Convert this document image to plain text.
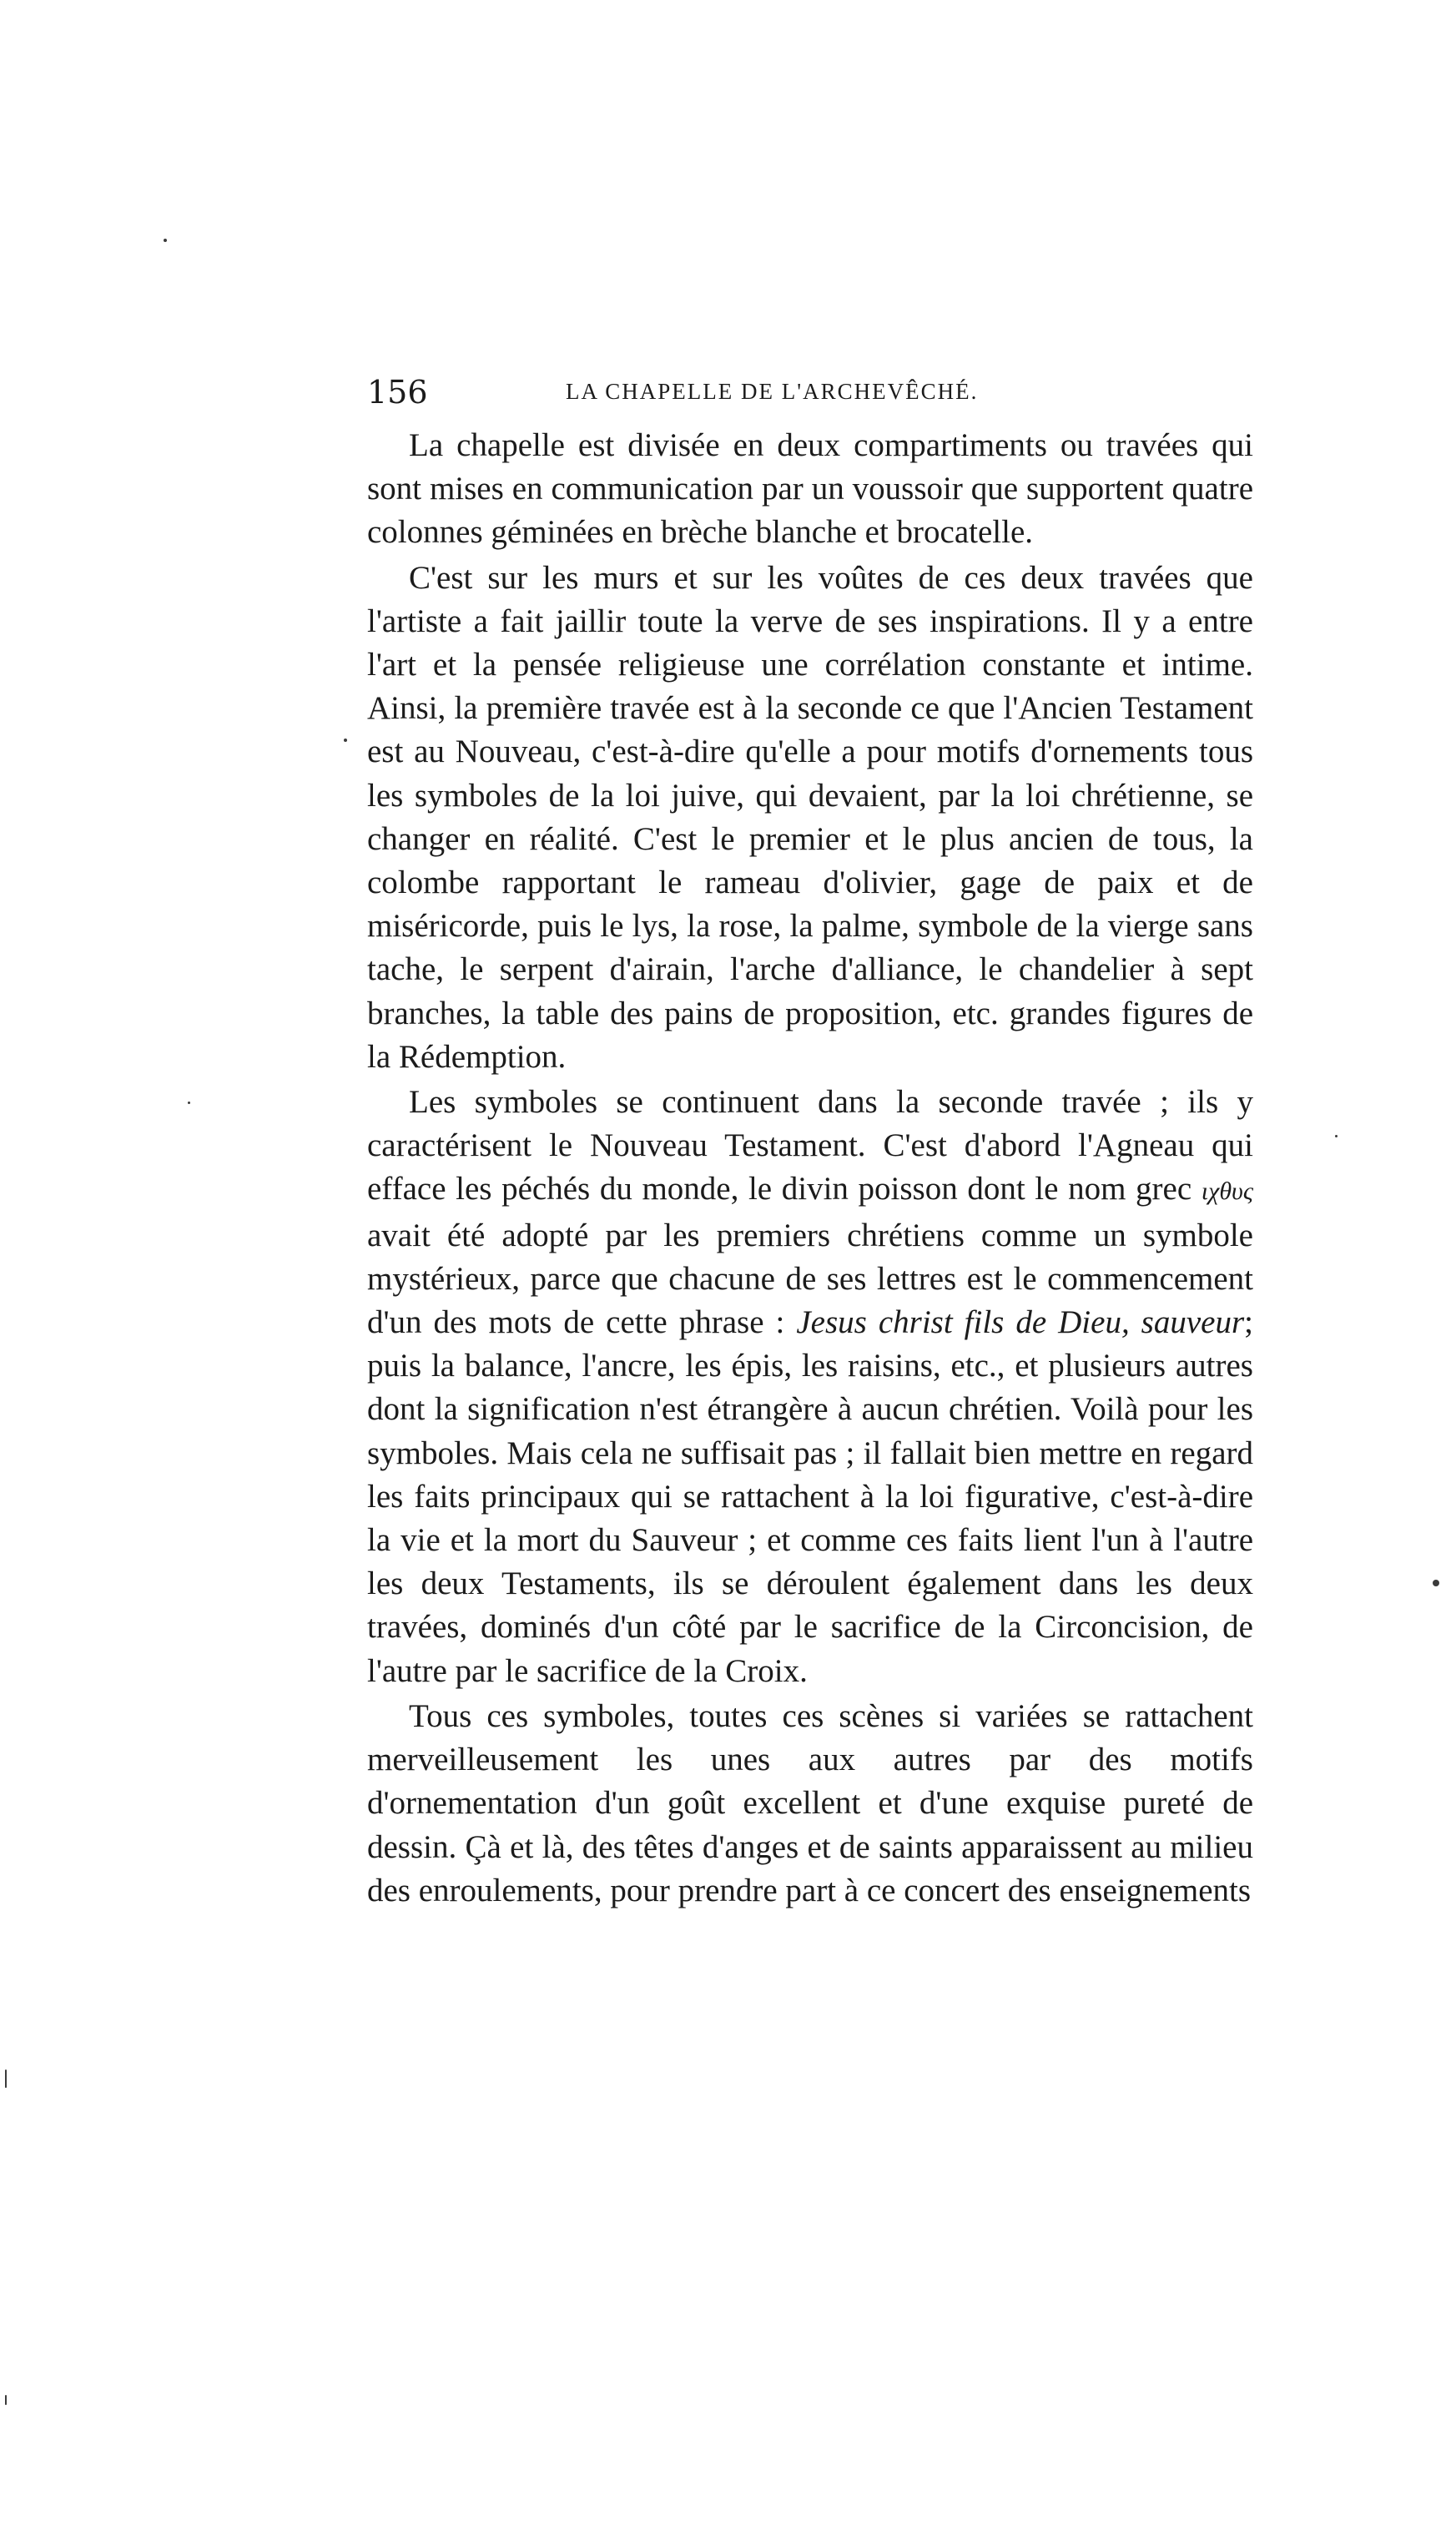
156	LA CHAPELLE DE L'ARCHEVÊCHÉ.

La chapelle est divisée en deux compartiments ou travées qui sont mises en communication par un voussoir que supportent quatre colonnes géminées en brèche blanche et brocatelle.

C'est sur les murs et sur les voûtes de ces deux travées que l'artiste a fait jaillir toute la verve de ses inspirations. Il y a entre l'art et la pensée religieuse une corrélation constante et intime. Ainsi, la première travée est à la seconde ce que l'Ancien Testament est au Nouveau, c'est-à-dire qu'elle a pour motifs d'ornements tous les symboles de la loi juive, qui devaient, par la loi chrétienne, se changer en réalité. C'est le premier et le plus ancien de tous, la colombe rapportant le rameau d'olivier, gage de paix et de miséricorde, puis le lys, la rose, la palme, symbole de la vierge sans tache, le serpent d'airain, l'arche d'alliance, le chandelier à sept branches, la table des pains de proposition, etc. grandes figures de la Rédemption.

Les symboles se continuent dans la seconde travée ; ils y caractérisent le Nouveau Testament. C'est d'abord l'Agneau qui efface les péchés du monde, le divin poisson dont le nom grec ιχθυς avait été adopté par les premiers chrétiens comme un symbole mystérieux, parce que chacune de ses lettres est le commencement d'un des mots de cette phrase : Jesus christ fils de Dieu, sauveur; puis la balance, l'ancre, les épis, les raisins, etc., et plusieurs autres dont la signification n'est étrangère à aucun chrétien. Voilà pour les symboles. Mais cela ne suffisait pas ; il fallait bien mettre en regard les faits principaux qui se rattachent à la loi figurative, c'est-à-dire la vie et la mort du Sauveur ; et comme ces faits lient l'un à l'autre les deux Testaments, ils se déroulent également dans les deux travées, dominés d'un côté par le sacrifice de la Circoncision, de l'autre par le sacrifice de la Croix.

Tous ces symboles, toutes ces scènes si variées se rattachent merveilleusement les unes aux autres par des motifs d'ornementation d'un goût excellent et d'une exquise pureté de dessin. Çà et là, des têtes d'anges et de saints apparaissent au milieu des enroulements, pour prendre part à ce concert des enseignements
